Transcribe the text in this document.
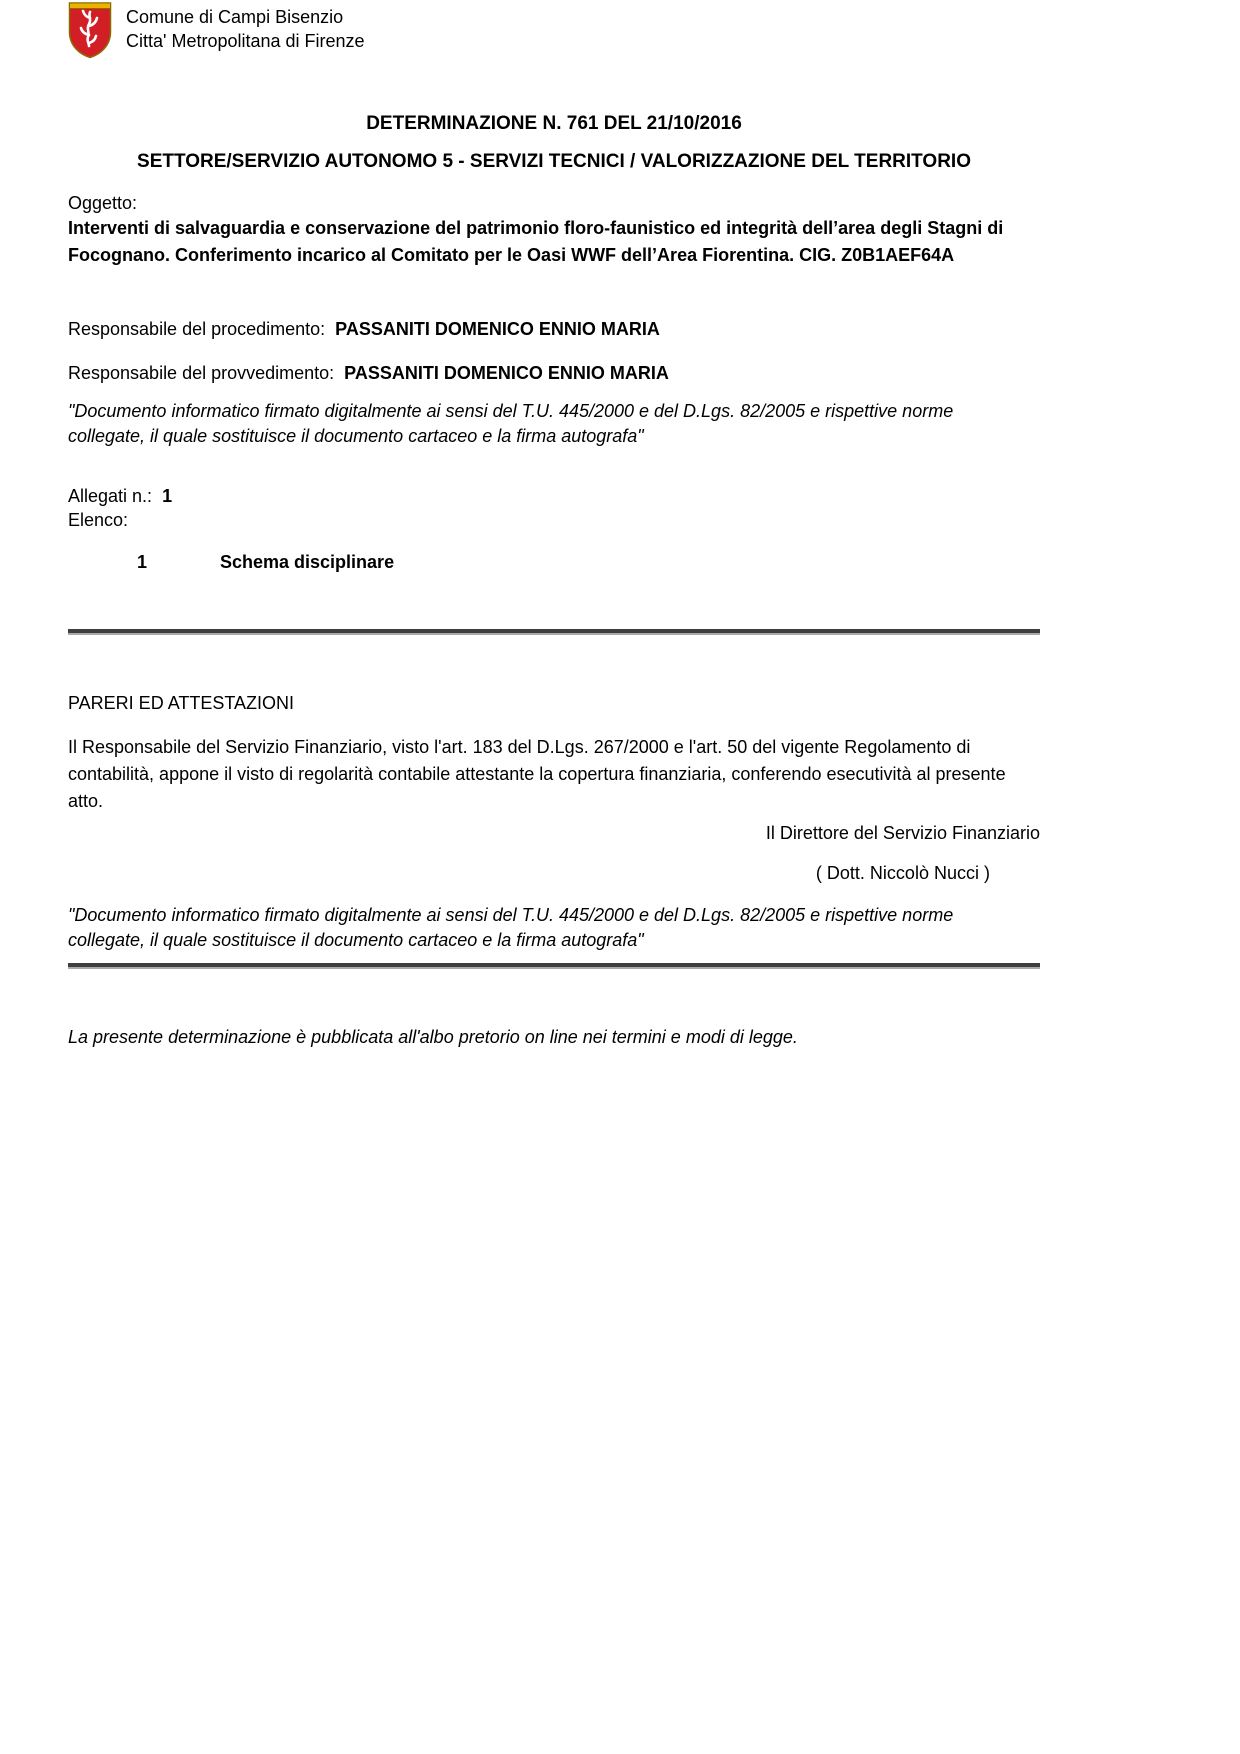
Comune di Campi Bisenzio
Citta' Metropolitana di Firenze
DETERMINAZIONE N. 761 DEL 21/10/2016
SETTORE/SERVIZIO AUTONOMO 5 - SERVIZI TECNICI / VALORIZZAZIONE DEL TERRITORIO
Oggetto:
Interventi di salvaguardia e conservazione del patrimonio floro-faunistico ed integrità dell’area degli Stagni di Focognano. Conferimento incarico al Comitato per le Oasi WWF dell’Area Fiorentina. CIG. Z0B1AEF64A
Responsabile del procedimento: PASSANITI DOMENICO ENNIO MARIA
Responsabile del provvedimento: PASSANITI DOMENICO ENNIO MARIA
"Documento informatico firmato digitalmente ai sensi del T.U. 445/2000 e del D.Lgs. 82/2005 e rispettive norme collegate, il quale sostituisce il documento cartaceo e la firma autografa"
Allegati n.: 1
Elenco:
1	Schema disciplinare
PARERI ED ATTESTAZIONI
Il Responsabile del Servizio Finanziario, visto l'art. 183 del D.Lgs. 267/2000 e l'art. 50 del vigente Regolamento di contabilità, appone il visto di regolarità contabile attestante la copertura finanziaria, conferendo esecutività al presente atto.
Il Direttore del Servizio Finanziario
( Dott. Niccolò Nucci )
"Documento informatico firmato digitalmente ai sensi del T.U. 445/2000 e del D.Lgs. 82/2005 e rispettive norme collegate, il quale sostituisce il documento cartaceo e la firma autografa"
La presente determinazione è pubblicata all'albo pretorio on line nei termini e modi di legge.
